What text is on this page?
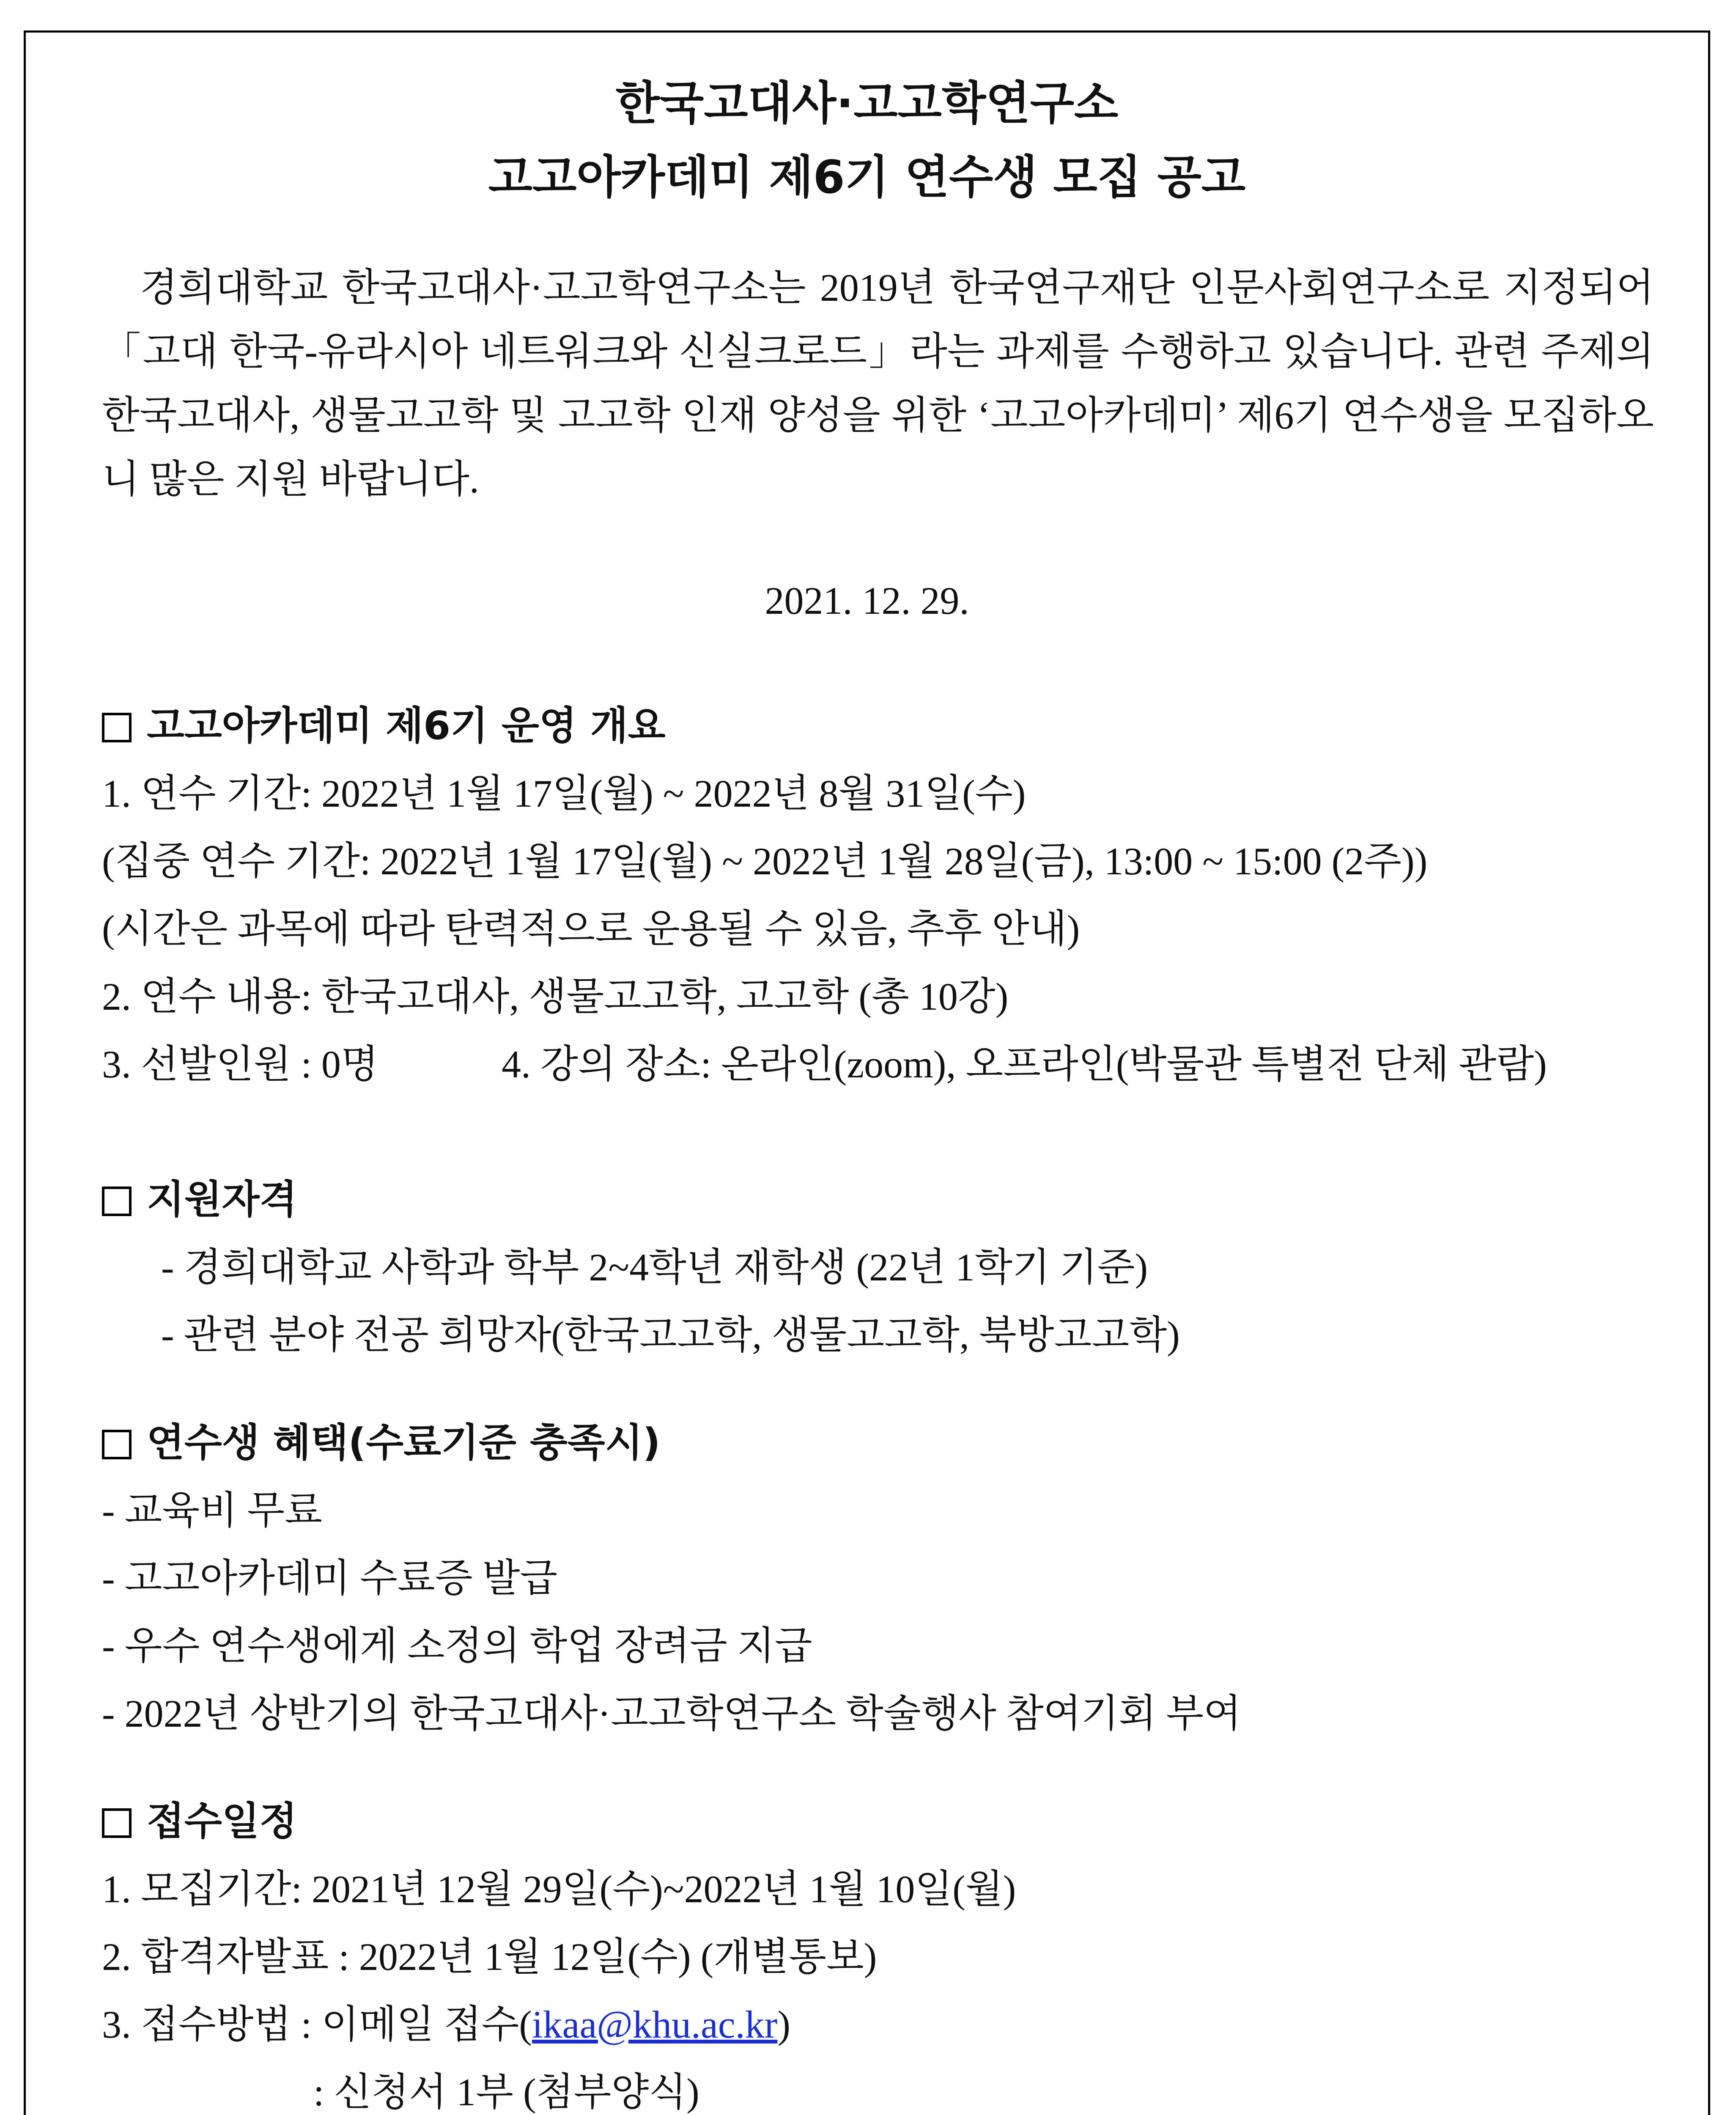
한국고대사·고고학연구소
고고아카데미 제6기 연수생 모집 공고
경희대학교 한국고대사·고고학연구소는 2019년 한국연구재단 인문사회연구소로 지정되어 「고대 한국-유라시아 네트워크와 신실크로드」라는 과제를 수행하고 있습니다. 관련 주제의 한국고대사, 생물고고학 및 고고학 인재 양성을 위한 ‘고고아카데미’ 제6기 연수생을 모집하오니 많은 지원 바랍니다.
2021. 12. 29.
고고아카데미 제6기 운영 개요
1. 연수 기간: 2022년 1월 17일(월) ~ 2022년 8월 31일(수)
(집중 연수 기간: 2022년 1월 17일(월) ~ 2022년 1월 28일(금), 13:00 ~ 15:00 (2주))
(시간은 과목에 따라 탄력적으로 운용될 수 있음, 추후 안내)
2. 연수 내용: 한국고대사, 생물고고학, 고고학 (총 10강)
3. 선발인원 : 0명	4. 강의 장소: 온라인(zoom), 오프라인(박물관 특별전 단체 관람)
지원자격
- 경희대학교 사학과 학부 2~4학년 재학생 (22년 1학기 기준)
- 관련 분야 전공 희망자(한국고고학, 생물고고학, 북방고고학)
연수생 혜택(수료기준 충족시)
- 교육비 무료
- 고고아카데미 수료증 발급
- 우수 연수생에게 소정의 학업 장려금 지급
- 2022년 상반기의 한국고대사·고고학연구소 학술행사 참여기회 부여
접수일정
1. 모집기간: 2021년 12월 29일(수)~2022년 1월 10일(월)
2. 합격자발표 : 2022년 1월 12일(수) (개별통보)
3. 접수방법 : 이메일 접수(ikaa@khu.ac.kr)
: 신청서 1부 (첨부양식)
